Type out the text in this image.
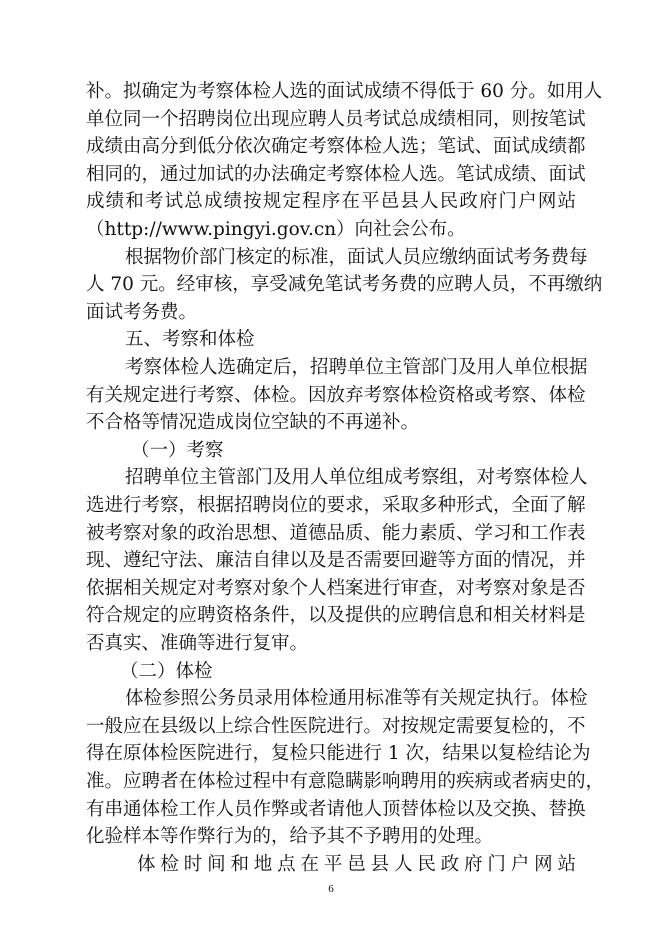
补。拟确定为考察体检人选的面试成绩不得低于 60 分。如用人
单位同一个招聘岗位出现应聘人员考试总成绩相同，则按笔试
成绩由高分到低分依次确定考察体检人选；笔试、面试成绩都
相同的，通过加试的办法确定考察体检人选。笔试成绩、面试
成绩和考试总成绩按规定程序在平邑县人民政府门户网站
（http://www.pingyi.gov.cn）向社会公布。
根据物价部门核定的标准，面试人员应缴纳面试考务费每
人 70 元。经审核，享受减免笔试考务费的应聘人员，不再缴纳
面试考务费。
五、考察和体检
考察体检人选确定后，招聘单位主管部门及用人单位根据
有关规定进行考察、体检。因放弃考察体检资格或考察、体检
不合格等情况造成岗位空缺的不再递补。
（一）考察
招聘单位主管部门及用人单位组成考察组，对考察体检人
选进行考察，根据招聘岗位的要求，采取多种形式，全面了解
被考察对象的政治思想、道德品质、能力素质、学习和工作表
现、遵纪守法、廉洁自律以及是否需要回避等方面的情况，并
依据相关规定对考察对象个人档案进行审查，对考察对象是否
符合规定的应聘资格条件，以及提供的应聘信息和相关材料是
否真实、准确等进行复审。
（二）体检
体检参照公务员录用体检通用标准等有关规定执行。体检
一般应在县级以上综合性医院进行。对按规定需要复检的，不
得在原体检医院进行，复检只能进行 1 次，结果以复检结论为
准。应聘者在体检过程中有意隐瞒影响聘用的疾病或者病史的，
有串通体检工作人员作弊或者请他人顶替体检以及交换、替换
化验样本等作弊行为的，给予其不予聘用的处理。
体检时间和地点在平邑县人民政府门户网站
6
